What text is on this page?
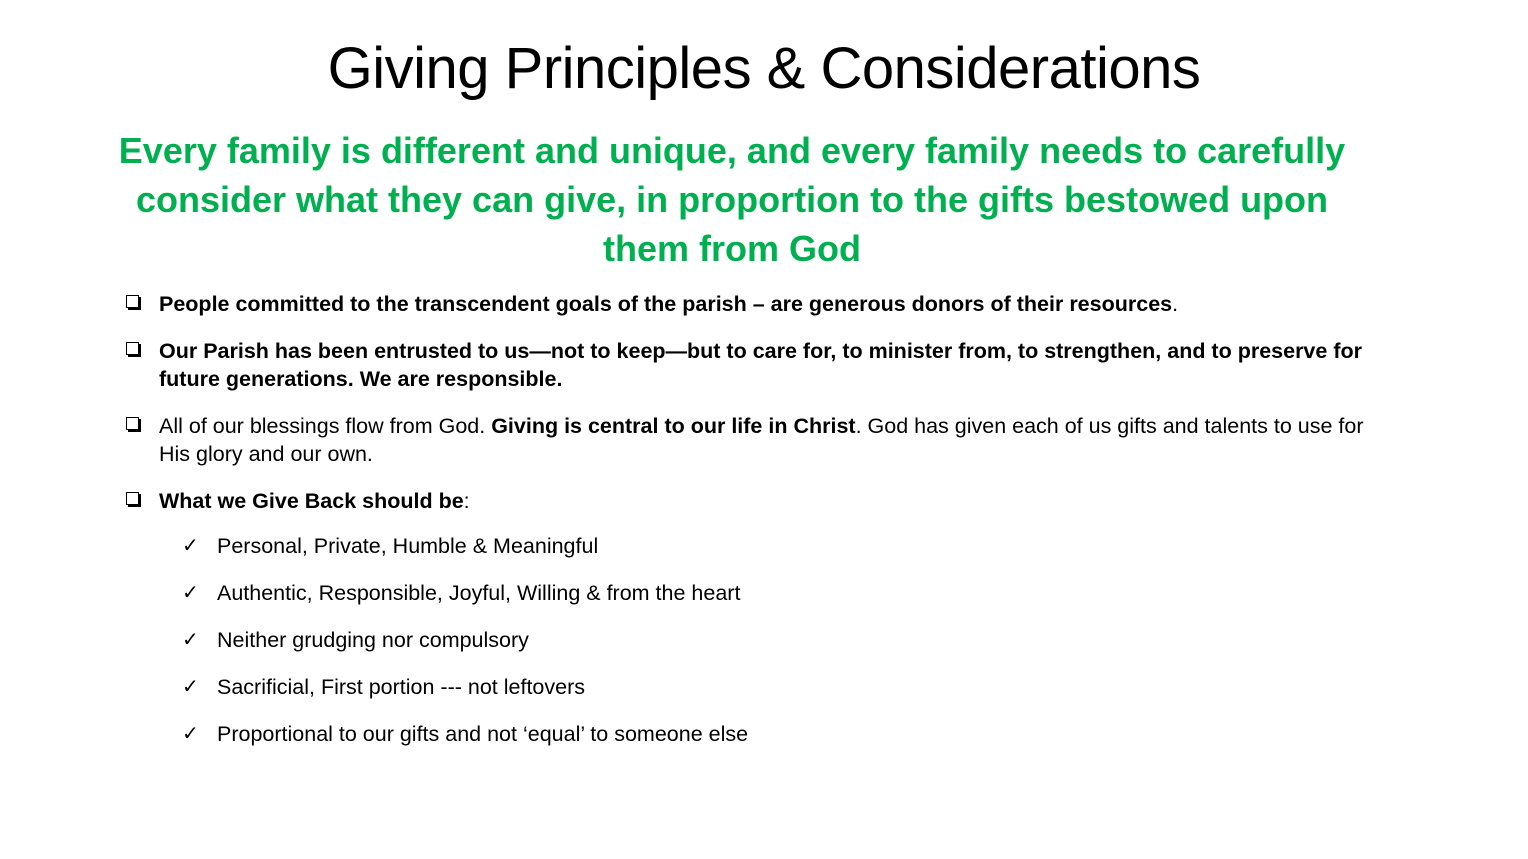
Giving Principles & Considerations

Every family is different and unique, and every family needs to carefully consider what they can give, in proportion to the gifts bestowed upon them from God

People committed to the transcendent goals of the parish – are generous donors of their resources.
Our Parish has been entrusted to us—not to keep—but to care for, to minister from, to strengthen, and to preserve for future generations. We are responsible.
All of our blessings flow from God. Giving is central to our life in Christ. God has given each of us gifts and talents to use for His glory and our own.
What we Give Back should be:
✓ Personal, Private, Humble & Meaningful
✓ Authentic, Responsible, Joyful, Willing & from the heart
✓ Neither grudging nor compulsory
✓ Sacrificial, First portion --- not leftovers
✓ Proportional to our gifts and not ‘equal’ to someone else
